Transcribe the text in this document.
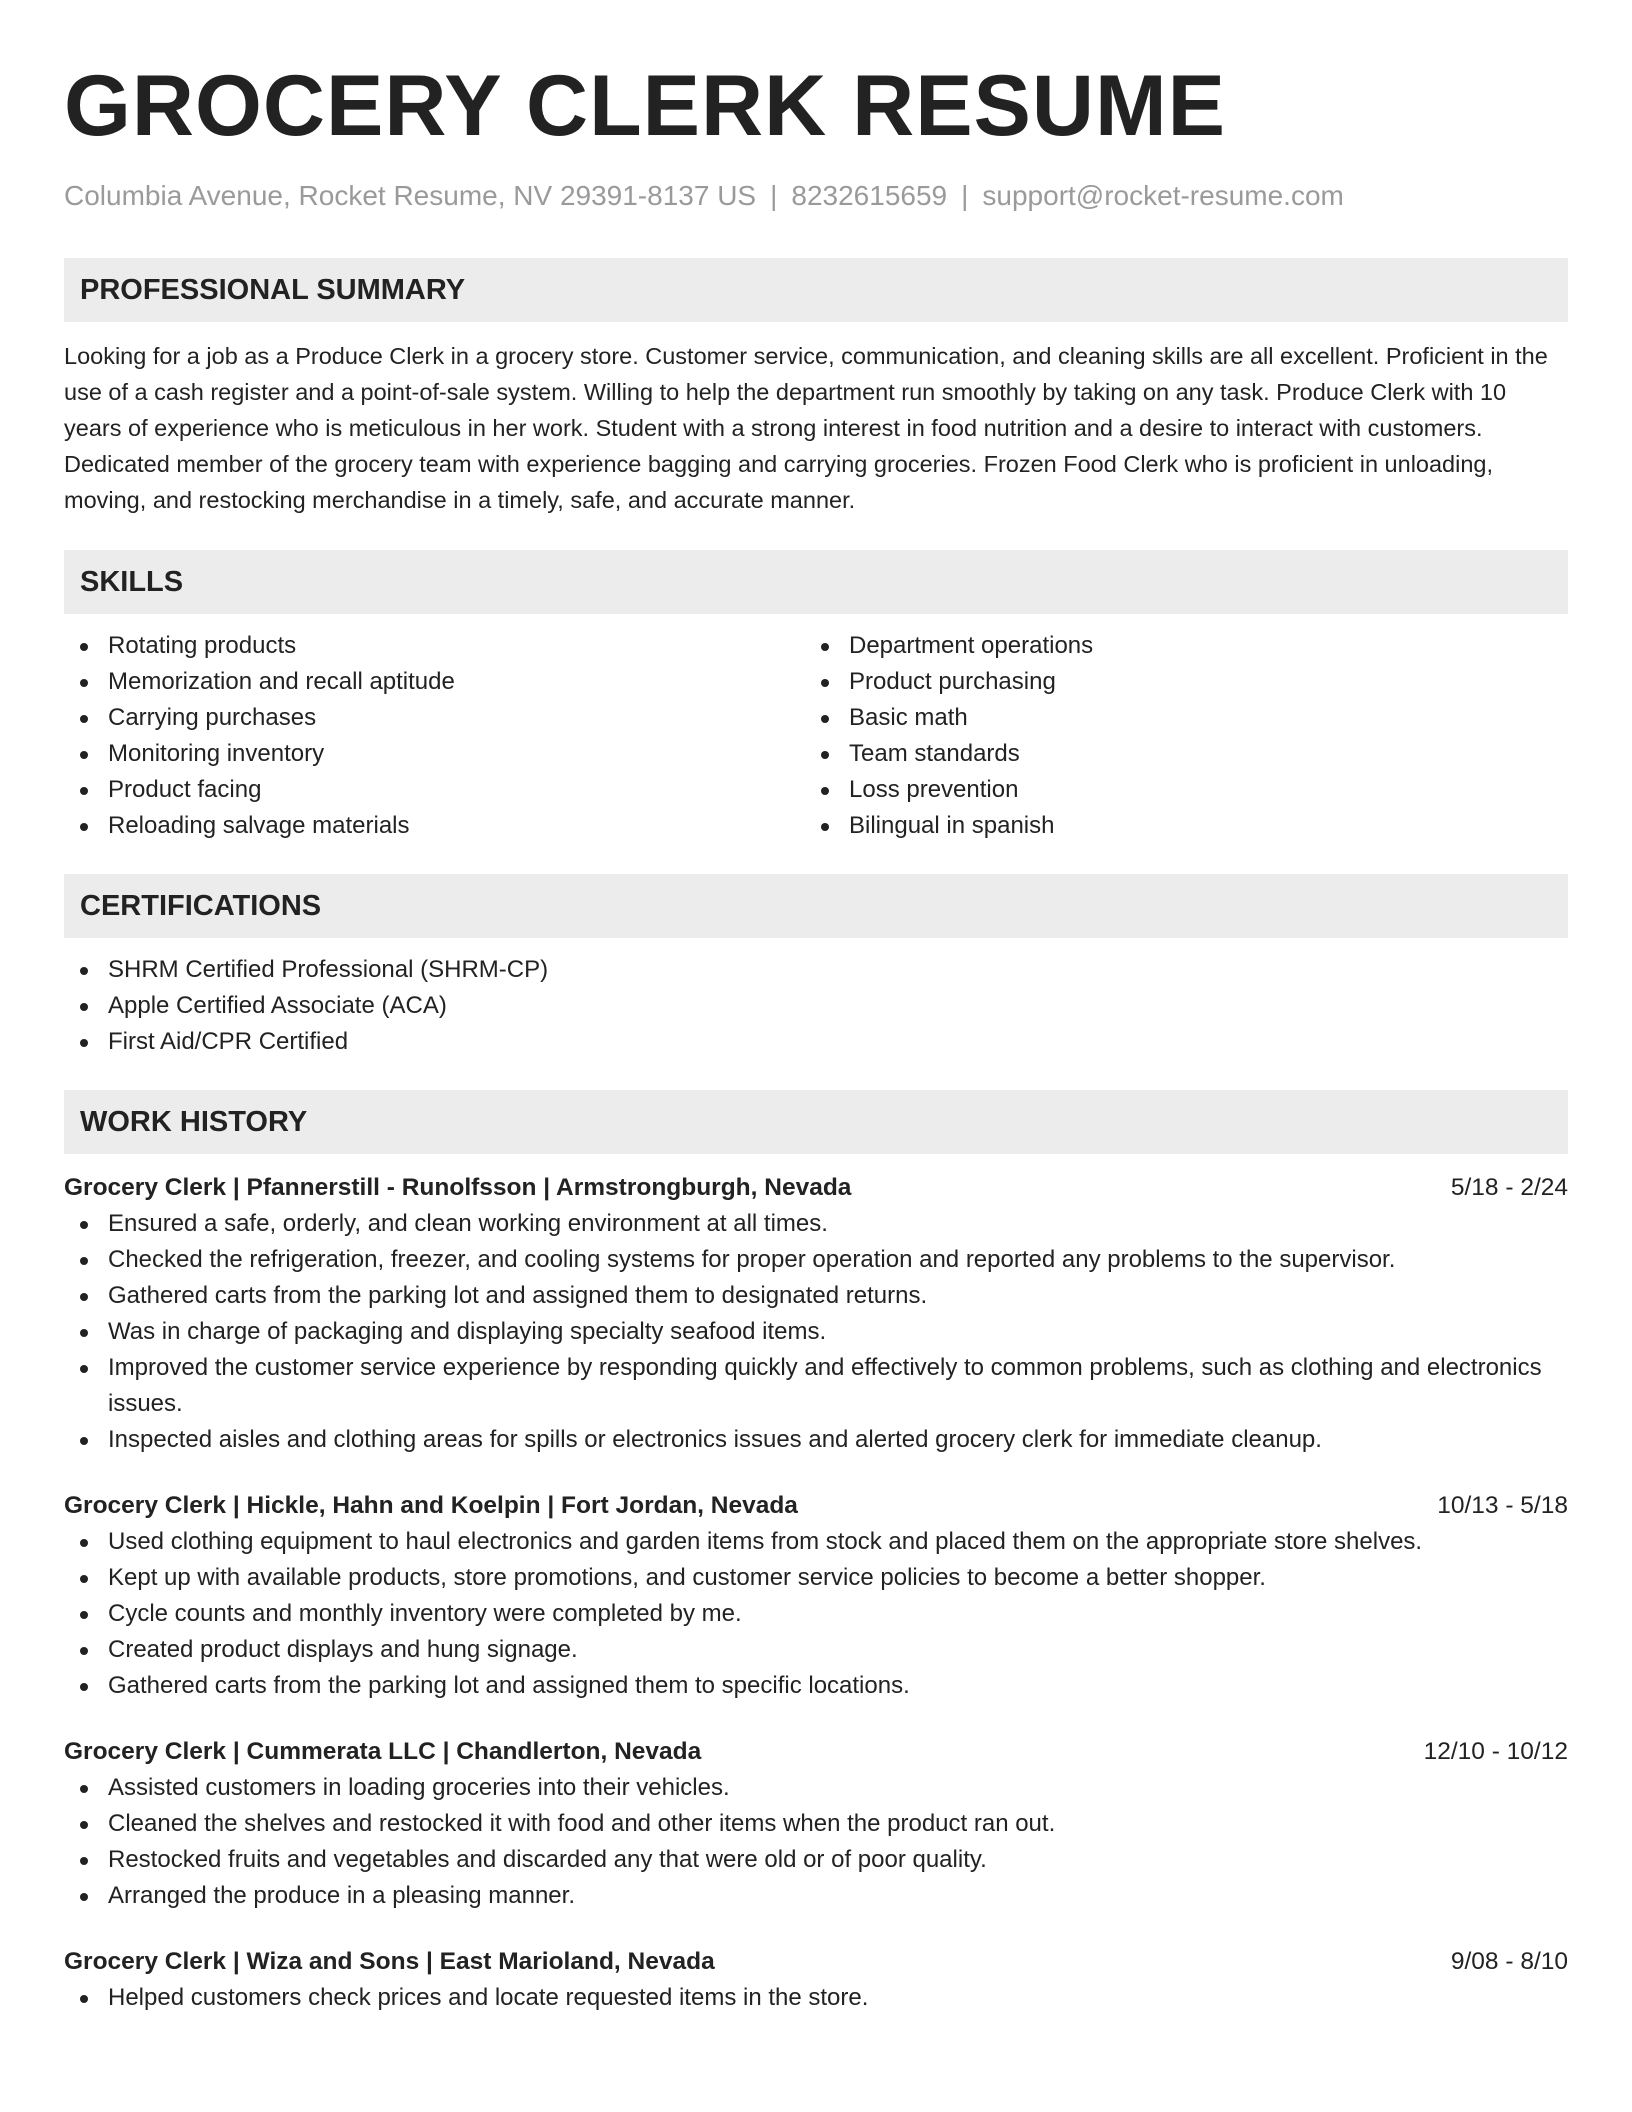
GROCERY CLERK RESUME
Columbia Avenue, Rocket Resume, NV 29391-8137 US | 8232615659 | support@rocket-resume.com
PROFESSIONAL SUMMARY

Looking for a job as a Produce Clerk in a grocery store. Customer service, communication, and cleaning skills are all excellent. Proficient in the use of a cash register and a point-of-sale system. Willing to help the department run smoothly by taking on any task. Produce Clerk with 10 years of experience who is meticulous in her work. Student with a strong interest in food nutrition and a desire to interact with customers. Dedicated member of the grocery team with experience bagging and carrying groceries. Frozen Food Clerk who is proficient in unloading, moving, and restocking merchandise in a timely, safe, and accurate manner.

SKILLS
Rotating products
Memorization and recall aptitude
Carrying purchases
Monitoring inventory
Product facing
Reloading salvage materials
Department operations
Product purchasing
Basic math
Team standards
Loss prevention
Bilingual in spanish
CERTIFICATIONS
SHRM Certified Professional (SHRM-CP)
Apple Certified Associate (ACA)
First Aid/CPR Certified
WORK HISTORY
Grocery Clerk | Pfannerstill - Runolfsson | Armstrongburgh, Nevada	5/18 - 2/24
Ensured a safe, orderly, and clean working environment at all times.
Checked the refrigeration, freezer, and cooling systems for proper operation and reported any problems to the supervisor.
Gathered carts from the parking lot and assigned them to designated returns.
Was in charge of packaging and displaying specialty seafood items.
Improved the customer service experience by responding quickly and effectively to common problems, such as clothing and electronics issues.
Inspected aisles and clothing areas for spills or electronics issues and alerted grocery clerk for immediate cleanup.
Grocery Clerk | Hickle, Hahn and Koelpin | Fort Jordan, Nevada	10/13 - 5/18
Used clothing equipment to haul electronics and garden items from stock and placed them on the appropriate store shelves.
Kept up with available products, store promotions, and customer service policies to become a better shopper.
Cycle counts and monthly inventory were completed by me.
Created product displays and hung signage.
Gathered carts from the parking lot and assigned them to specific locations.
Grocery Clerk | Cummerata LLC | Chandlerton, Nevada	12/10 - 10/12
Assisted customers in loading groceries into their vehicles.
Cleaned the shelves and restocked it with food and other items when the product ran out.
Restocked fruits and vegetables and discarded any that were old or of poor quality.
Arranged the produce in a pleasing manner.
Grocery Clerk | Wiza and Sons | East Marioland, Nevada	9/08 - 8/10
Helped customers check prices and locate requested items in the store.
